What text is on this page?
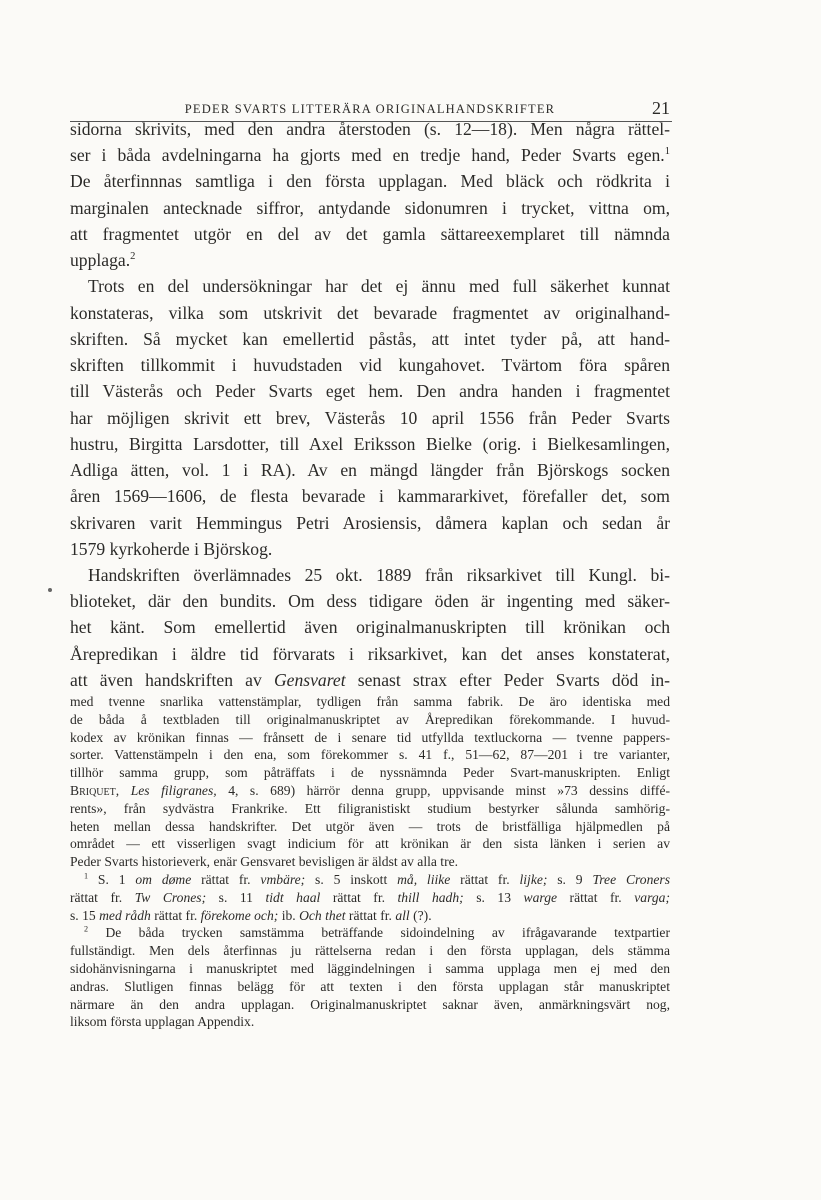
PEDER SVARTS LITTERÄRA ORIGINALHANDSKRIFTER	21
sidorna skrivits, med den andra återstoden (s. 12—18). Men några rättel-
ser i båda avdelningarna ha gjorts med en tredje hand, Peder Svarts egen.$^1$
De återfinnnas samtliga i den första upplagan. Med bläck och rödkrita i
marginalen antecknade siffror, antydande sidonumren i trycket, vittna om,
att fragmentet utgör en del av det gamla sättareexemplaret till nämnda
upplaga.$^2$
Trots en del undersökningar har det ej ännu med full säkerhet kunnat
konstateras, vilka som utskrivit det bevarade fragmentet av originalhand-
skriften. Så mycket kan emellertid påstås, att intet tyder på, att hand-
skriften tillkommit i huvudstaden vid kungahovet. Tvärtom föra spåren
till Västerås och Peder Svarts eget hem. Den andra handen i fragmentet
har möjligen skrivit ett brev, Västerås 10 april 1556 från Peder Svarts
hustru, Birgitta Larsdotter, till Axel Eriksson Bielke (orig. i Bielkesamlingen,
Adliga ätten, vol. 1 i RA). Av en mängd längder från Björskogs socken
åren 1569—1606, de flesta bevarade i kammararkivet, förefaller det, som
skrivaren varit Hemmingus Petri Arosiensis, dåmera kaplan och sedan år
1579 kyrkoherde i Björskog.
Handskriften överlämnades 25 okt. 1889 från riksarkivet till Kungl. bi-
blioteket, där den bundits. Om dess tidigare öden är ingenting med säker-
het känt. Som emellertid även originalmanuskripten till krönikan och
Årepredikan i äldre tid förvarats i riksarkivet, kan det anses konstaterat,
att även handskriften av Gensvaret senast strax efter Peder Svarts död in-
med tvenne snarlika vattenstämplar, tydligen från samma fabrik. De äro identiska med
de båda å textbladen till originalmanuskriptet av Årepredikan förekommande. I huvud-
kodex av krönikan finnas — frånsett de i senare tid utfyllda textluckorna — tvenne pappers-
sorter. Vattenstämpeln i den ena, som förekommer s. 41 f., 51—62, 87—201 i tre varianter,
tillhör samma grupp, som påträffats i de nyssnämnda Peder Svart-manuskripten. Enligt
Briquet, Les filigranes, 4, s. 689) härrör denna grupp, uppvisande minst »73 dessins diffé-
rents», från sydvästra Frankrike. Ett filigranistiskt studium bestyrker sålunda samhörig-
heten mellan dessa handskrifter. Det utgör även — trots de bristfälliga hjälpmedlen på
området — ett visserligen svagt indicium för att krönikan är den sista länken i serien av
Peder Svarts historieverk, enär Gensvaret bevisligen är äldst av alla tre.
$^1$ S. 1 om døme rättat fr. vmbäre; s. 5 inskott må, liike rättat fr. lijke; s. 9 Tree Croners
rättat fr. Tw Crones; s. 11 tidt haal rättat fr. thill hadh; s. 13 warge rättat fr. varga;
s. 15 med rådh rättat fr. förekome och; ib. Och thet rättat fr. all (?).
$^2$ De båda trycken samstämma beträffande sidoindelning av ifrågavarande textpartier
fullständigt. Men dels återfinnas ju rättelserna redan i den första upplagan, dels stämma
sidohänvisningarna i manuskriptet med läggindelningen i samma upplaga men ej med den
andras. Slutligen finnas belägg för att texten i den första upplagan står manuskriptet
närmare än den andra upplagan. Originalmanuskriptet saknar även, anmärkningsvärt nog,
liksom första upplagan Appendix.
